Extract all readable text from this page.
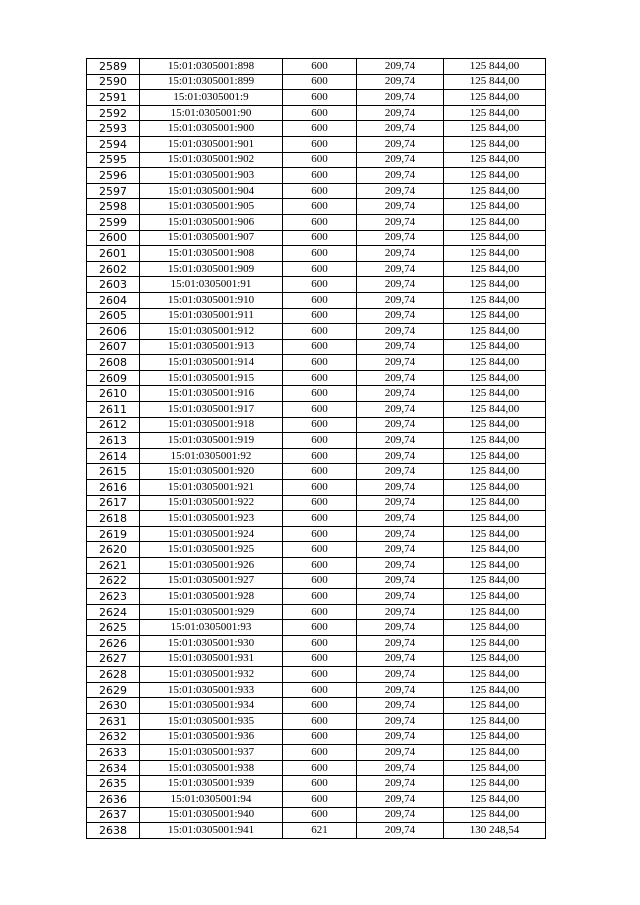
2589	15:01:0305001:898	600	209,74	125 844,00
2590	15:01:0305001:899	600	209,74	125 844,00
2591	15:01:0305001:9	600	209,74	125 844,00
2592	15:01:0305001:90	600	209,74	125 844,00
2593	15:01:0305001:900	600	209,74	125 844,00
2594	15:01:0305001:901	600	209,74	125 844,00
2595	15:01:0305001:902	600	209,74	125 844,00
2596	15:01:0305001:903	600	209,74	125 844,00
2597	15:01:0305001:904	600	209,74	125 844,00
2598	15:01:0305001:905	600	209,74	125 844,00
2599	15:01:0305001:906	600	209,74	125 844,00
2600	15:01:0305001:907	600	209,74	125 844,00
2601	15:01:0305001:908	600	209,74	125 844,00
2602	15:01:0305001:909	600	209,74	125 844,00
2603	15:01:0305001:91	600	209,74	125 844,00
2604	15:01:0305001:910	600	209,74	125 844,00
2605	15:01:0305001:911	600	209,74	125 844,00
2606	15:01:0305001:912	600	209,74	125 844,00
2607	15:01:0305001:913	600	209,74	125 844,00
2608	15:01:0305001:914	600	209,74	125 844,00
2609	15:01:0305001:915	600	209,74	125 844,00
2610	15:01:0305001:916	600	209,74	125 844,00
2611	15:01:0305001:917	600	209,74	125 844,00
2612	15:01:0305001:918	600	209,74	125 844,00
2613	15:01:0305001:919	600	209,74	125 844,00
2614	15:01:0305001:92	600	209,74	125 844,00
2615	15:01:0305001:920	600	209,74	125 844,00
2616	15:01:0305001:921	600	209,74	125 844,00
2617	15:01:0305001:922	600	209,74	125 844,00
2618	15:01:0305001:923	600	209,74	125 844,00
2619	15:01:0305001:924	600	209,74	125 844,00
2620	15:01:0305001:925	600	209,74	125 844,00
2621	15:01:0305001:926	600	209,74	125 844,00
2622	15:01:0305001:927	600	209,74	125 844,00
2623	15:01:0305001:928	600	209,74	125 844,00
2624	15:01:0305001:929	600	209,74	125 844,00
2625	15:01:0305001:93	600	209,74	125 844,00
2626	15:01:0305001:930	600	209,74	125 844,00
2627	15:01:0305001:931	600	209,74	125 844,00
2628	15:01:0305001:932	600	209,74	125 844,00
2629	15:01:0305001:933	600	209,74	125 844,00
2630	15:01:0305001:934	600	209,74	125 844,00
2631	15:01:0305001:935	600	209,74	125 844,00
2632	15:01:0305001:936	600	209,74	125 844,00
2633	15:01:0305001:937	600	209,74	125 844,00
2634	15:01:0305001:938	600	209,74	125 844,00
2635	15:01:0305001:939	600	209,74	125 844,00
2636	15:01:0305001:94	600	209,74	125 844,00
2637	15:01:0305001:940	600	209,74	125 844,00
2638	15:01:0305001:941	621	209,74	130 248,54
